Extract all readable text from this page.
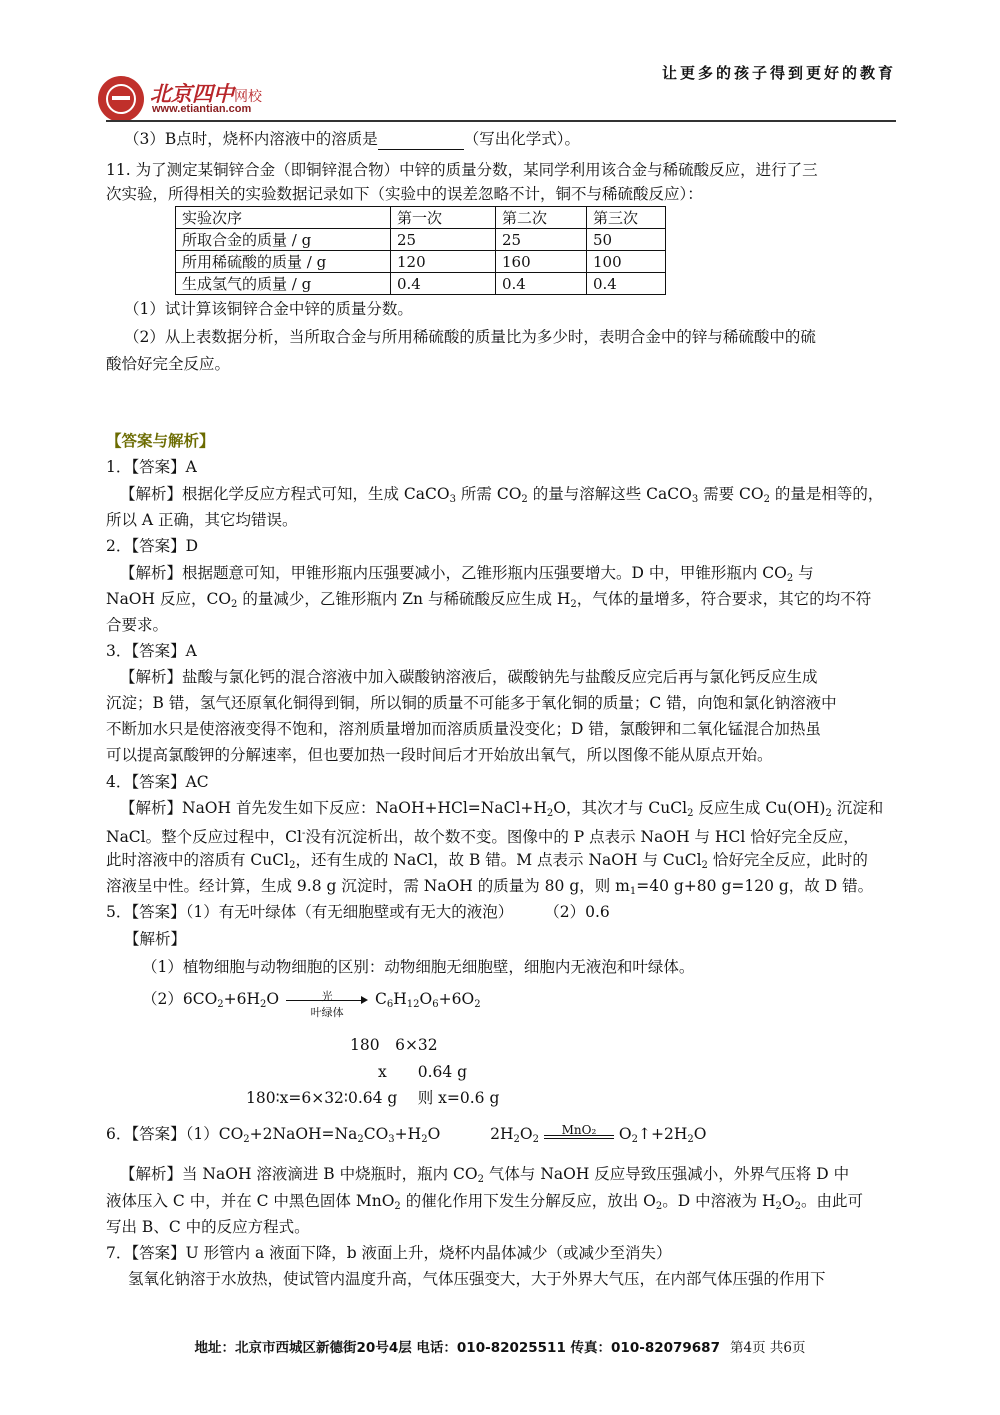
北京四中网校
www.etiantian.com
让更多的孩子得到更好的教育
（3）B点时，烧杯内溶液中的溶质是	（写出化学式）。
11. 为了测定某铜锌合金（即铜锌混合物）中锌的质量分数，某同学利用该合金与稀硫酸反应，进行了三
次实验，所得相关的实验数据记录如下（实验中的误差忽略不计，铜不与稀硫酸反应）：
实验次序	第一次	第二次	第三次
所取合金的质量 / g	25	25	50
所用稀硫酸的质量 / g	120	160	100
生成氢气的质量 / g	0.4	0.4	0.4
（1）试计算该铜锌合金中锌的质量分数。
（2）从上表数据分析，当所取合金与所用稀硫酸的质量比为多少时，表明合金中的锌与稀硫酸中的硫
酸恰好完全反应。
【答案与解析】
1．【答案】A
【解析】根据化学反应方程式可知，生成 CaCO$_3$ 所需 $CO_2$ 的量与溶解这些 CaCO$_3$ 需要 $CO_2$ 的量是相等的，
所以 A 正确，其它均错误。
2．【答案】D
【解析】根据题意可知，甲锥形瓶内压强要减小，乙锥形瓶内压强要增大。D 中，甲锥形瓶内 $CO_2$ 与
NaOH 反应，$CO_2$ 的量减少，乙锥形瓶内 Zn 与稀硫酸反应生成 $H_2$，气体的量增多，符合要求，其它的均不符
合要求。
3．【答案】A
【解析】盐酸与氯化钙的混合溶液中加入碳酸钠溶液后，碳酸钠先与盐酸反应完后再与氯化钙反应生成
沉淀；B 错，氢气还原氧化铜得到铜，所以铜的质量不可能多于氧化铜的质量；C 错，向饱和氯化钠溶液中
不断加水只是使溶液变得不饱和，溶剂质量增加而溶质质量没变化；D 错，氯酸钾和二氧化锰混合加热虽
可以提高氯酸钾的分解速率，但也要加热一段时间后才开始放出氧气，所以图像不能从原点开始。
4．【答案】AC
【解析】NaOH 首先发生如下反应：$NaOH+HCl=NaCl+H_2O$，其次才与 CuCl$_2$ 反应生成 $Cu(OH)_2$ 沉淀和
NaCl。整个反应过程中，Cl-没有沉淀析出，故个数不变。图像中的 P 点表示 NaOH 与 HCl 恰好完全反应，
此时溶液中的溶质有 CuCl$_2$，还有生成的 NaCl，故 B 错。M 点表示 NaOH 与 CuCl$_2$ 恰好完全反应，此时的
溶液呈中性。经计算，生成 9.8 g 沉淀时，需 NaOH 的质量为 80 g，则 $m_1=40$ g+80 g=120 g，故 D 错。
5．【答案】（1）有无叶绿体（有无细胞壁或有无大的液泡）　　　（2）0.6
【解析】
（1）植物细胞与动物细胞的区别：动物细胞无细胞壁，细胞内无液泡和叶绿体。
$(2)6CO_2+6H_2O$	光
叶绿体
$C_6H_{12}O_6+6O_2$
180　6×32
x　　0.64 g
180∶x=6×32∶0.64 g　 则 x=0.6 g
6．【答案】$(1)CO_2+2NaOH=Na_2CO_3+H_2O$	$2H_2O_2$
MnO₂	$O_2↑+2H_2O$
【解析】当 NaOH 溶液滴进 B 中烧瓶时，瓶内 $CO_2$ 气体与 NaOH 反应导致压强减小，外界气压将 D 中
液体压入 C 中，并在 C 中黑色固体 MnO$_2$ 的催化作用下发生分解反应，放出 $O_2$。D 中溶液为 $H_2O_2$。由此可
写出 B、C 中的反应方程式。
7．【答案】U 形管内 a 液面下降，b 液面上升，烧杯内晶体减少（或减少至消失）
氢氧化钠溶于水放热，使试管内温度升高，气体压强变大，大于外界大气压，在内部气体压强的作用下
地址：北京市西城区新德街20号4层 电话：010-82025511 传真：010-82079687 第4页 共6页
